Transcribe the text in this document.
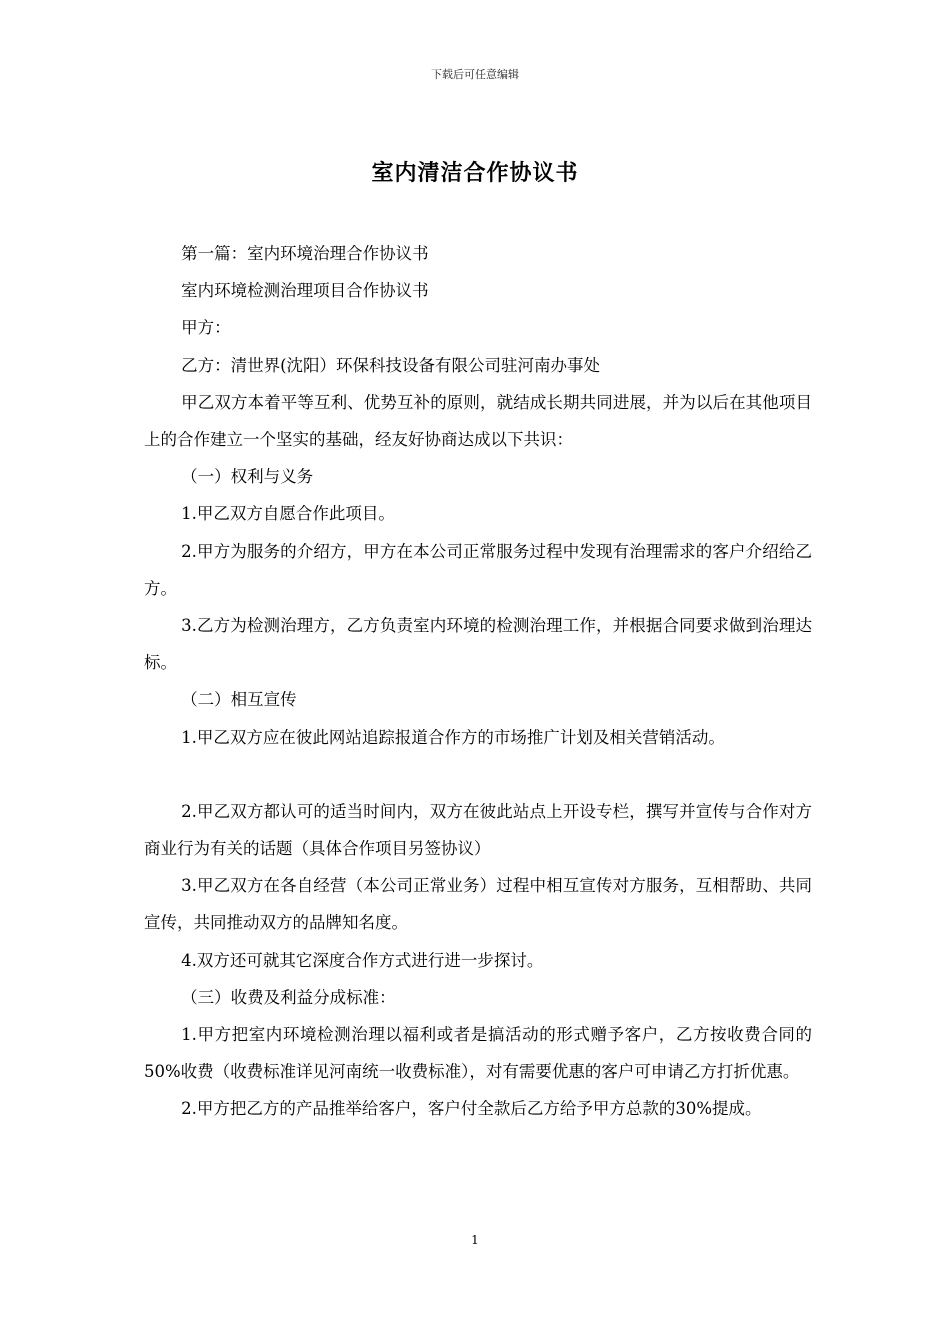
下载后可任意编辑
室内清洁合作协议书

第一篇：室内环境治理合作协议书

室内环境检测治理项目合作协议书

甲方：

乙方：清世界(沈阳）环保科技设备有限公司驻河南办事处

甲乙双方本着平等互利、优势互补的原则，就结成长期共同进展，并为以后在其他项目上的合作建立一个坚实的基础，经友好协商达成以下共识：

（一）权利与义务

1.甲乙双方自愿合作此项目。

2.甲方为服务的介绍方，甲方在本公司正常服务过程中发现有治理需求的客户介绍给乙方。

3.乙方为检测治理方，乙方负责室内环境的检测治理工作，并根据合同要求做到治理达标。

（二）相互宣传

1.甲乙双方应在彼此网站追踪报道合作方的市场推广计划及相关营销活动。

2.甲乙双方都认可的适当时间内，双方在彼此站点上开设专栏，撰写并宣传与合作对方商业行为有关的话题（具体合作项目另签协议）

3.甲乙双方在各自经营（本公司正常业务）过程中相互宣传对方服务，互相帮助、共同宣传，共同推动双方的品牌知名度。

4.双方还可就其它深度合作方式进行进一步探讨。

（三）收费及利益分成标准：

1.甲方把室内环境检测治理以福利或者是搞活动的形式赠予客户，乙方按收费合同的50%收费（收费标准详见河南统一收费标准），对有需要优惠的客户可申请乙方打折优惠。

2.甲方把乙方的产品推举给客户，客户付全款后乙方给予甲方总款的30%提成。

1
